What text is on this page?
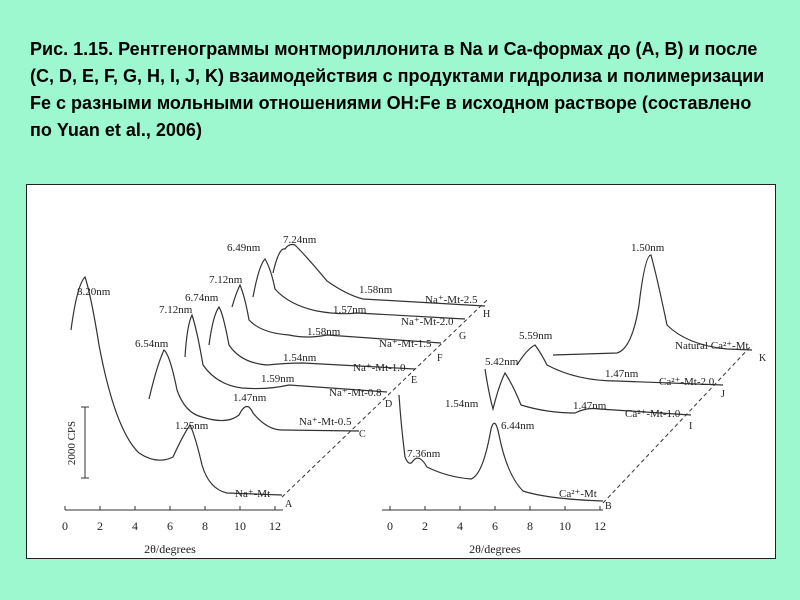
Рис. 1.15. Рентгенограммы монтмориллонита в Na и Ca-формах до (A, B) и после (C, D, E, F, G, H, I, J, K) взаимодействия с продуктами гидролиза и полимеризации Fe с разными мольными отношениями OH:Fe в исходном растворе (составлено по Yuan et al., 2006)
2000 CPS
0 2 4 6 8 10 12
2θ/degrees
0 2 4 6 8 10 12
2θ/degrees
8.20nm
1.25nm
6.54nm
1.47nm
7.12nm
1.59nm
6.74nm
1.54nm
7.12nm
1.58nm
6.49nm
1.57nm
7.24nm
1.58nm
Na⁺-Mt
A
Na⁺-Mt-0.5
C
Na⁺-Mt-0.8
D
Na⁺-Mt-1.0
E
Na⁺-Mt-1.5
F
Na⁺-Mt-2.0
G
Na⁺-Mt-2.5
H
7.36nm
1.54nm
6.44nm
5.42nm
1.47nm
5.59nm
1.47nm
1.50nm
Ca²⁺-Mt
B
Ca²⁺-Mt-1.0
I
Ca²⁺-Mt-2.0
J
Natural Ca²⁺-Mt
K
